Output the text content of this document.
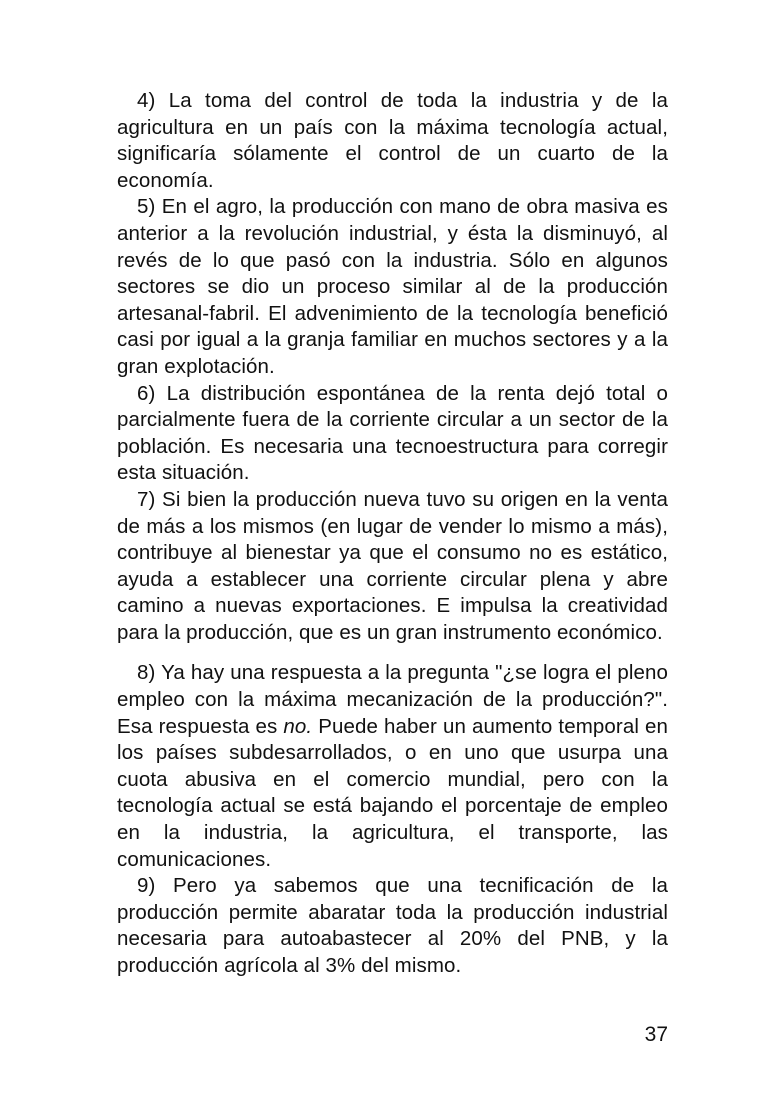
4) La toma del control de toda la industria y de la agricultura en un país con la máxima tecnología actual, significaría sólamente el control de un cuarto de la economía.

5) En el agro, la producción con mano de obra masiva es anterior a la revolución industrial, y ésta la disminuyó, al revés de lo que pasó con la industria. Sólo en algunos sectores se dio un proceso similar al de la producción artesanal-fabril. El advenimiento de la tecnología benefició casi por igual a la granja familiar en muchos sectores y a la gran explotación.

6) La distribución espontánea de la renta dejó total o parcialmente fuera de la corriente circular a un sector de la población. Es necesaria una tecnoestructura para corregir esta situación.

7) Si bien la producción nueva tuvo su origen en la venta de más a los mismos (en lugar de vender lo mismo a más), contribuye al bienestar ya que el consumo no es estático, ayuda a establecer una corriente circular plena y abre camino a nuevas exportaciones. E impulsa la creatividad para la producción, que es un gran instrumento económico.

8) Ya hay una respuesta a la pregunta "¿se logra el pleno empleo con la máxima mecanización de la producción?". Esa respuesta es no. Puede haber un aumento temporal en los países subdesarrollados, o en uno que usurpa una cuota abusiva en el comercio mundial, pero con la tecnología actual se está bajando el porcentaje de empleo en la industria, la agricultura, el transporte, las comunicaciones.

9) Pero ya sabemos que una tecnificación de la producción permite abaratar toda la producción industrial necesaria para autoabastecer al 20% del PNB, y la producción agrícola al 3% del mismo.

37
